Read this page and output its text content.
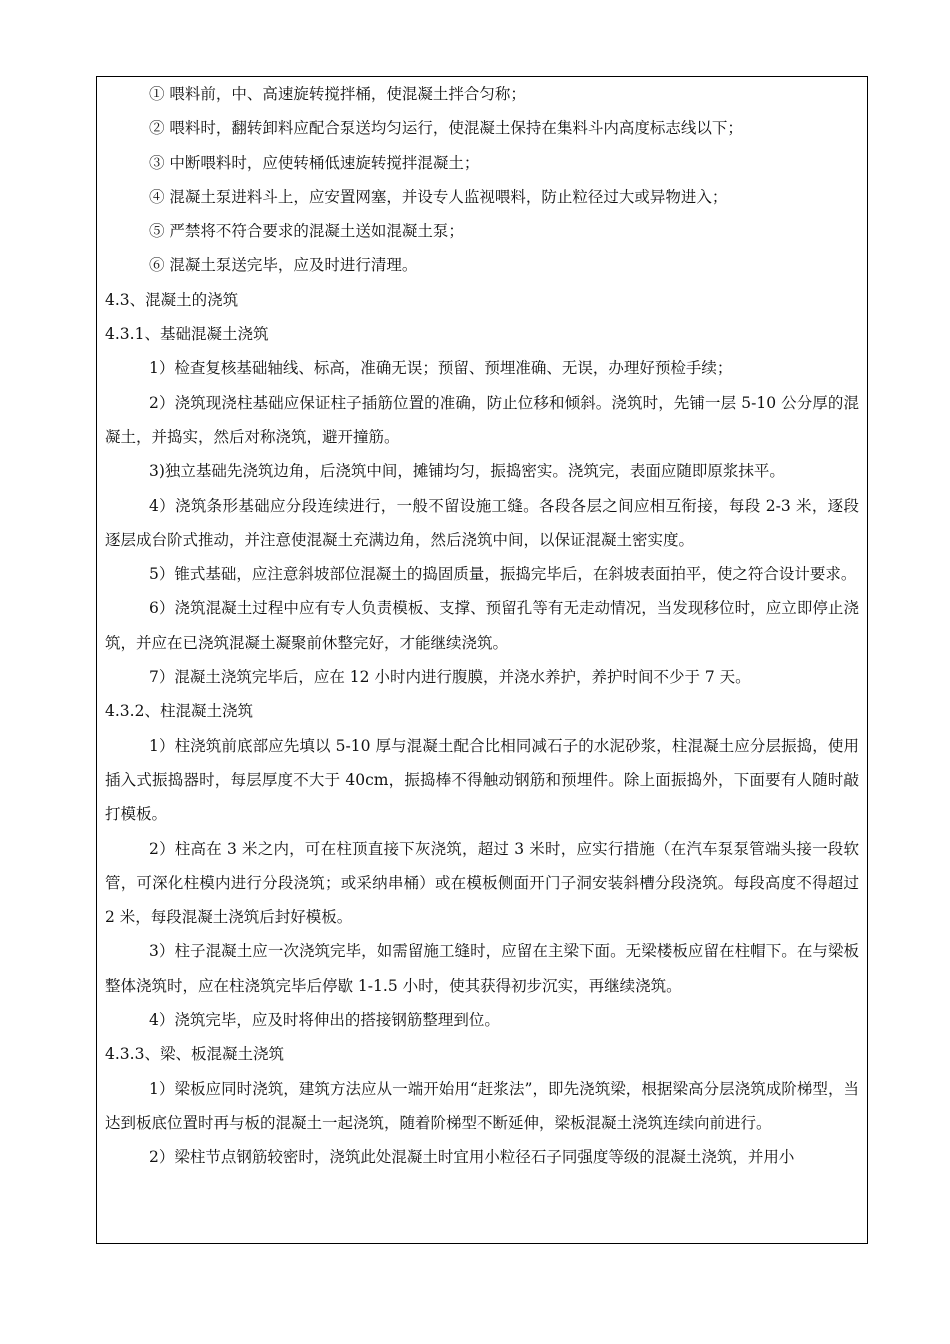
① 喂料前，中、高速旋转搅拌桶，使混凝土拌合匀称；

② 喂料时，翻转卸料应配合泵送均匀运行，使混凝土保持在集料斗内高度标志线以下；

③ 中断喂料时，应使转桶低速旋转搅拌混凝土；

④ 混凝土泵进料斗上，应安置网塞，并设专人监视喂料，防止粒径过大或异物进入；

⑤ 严禁将不符合要求的混凝土送如混凝土泵；

⑥ 混凝土泵送完毕，应及时进行清理。

4.3、混凝土的浇筑

4.3.1、基础混凝土浇筑

1）检查复核基础轴线、标高，准确无误；预留、预埋准确、无误，办理好预检手续；

2）浇筑现浇柱基础应保证柱子插筋位置的准确，防止位移和倾斜。浇筑时，先铺一层 5-10 公分厚的混凝土，并捣实，然后对称浇筑，避开撞筋。

3)独立基础先浇筑边角，后浇筑中间，摊铺均匀，振捣密实。浇筑完，表面应随即原浆抹平。

4）浇筑条形基础应分段连续进行，一般不留设施工缝。各段各层之间应相互衔接，每段 2-3 米，逐段逐层成台阶式推动，并注意使混凝土充满边角，然后浇筑中间，以保证混凝土密实度。

5）锥式基础，应注意斜坡部位混凝土的捣固质量，振捣完毕后，在斜坡表面拍平，使之符合设计要求。

6）浇筑混凝土过程中应有专人负责模板、支撑、预留孔等有无走动情况，当发现移位时，应立即停止浇筑，并应在已浇筑混凝土凝聚前休整完好，才能继续浇筑。

7）混凝土浇筑完毕后，应在 12 小时内进行腹膜，并浇水养护，养护时间不少于 7 天。

4.3.2、柱混凝土浇筑

1）柱浇筑前底部应先填以 5-10 厚与混凝土配合比相同减石子的水泥砂浆，柱混凝土应分层振捣，使用插入式振捣器时，每层厚度不大于 40cm，振捣棒不得触动钢筋和预埋件。除上面振捣外，下面要有人随时敲打模板。

2）柱高在 3 米之内，可在柱顶直接下灰浇筑，超过 3 米时，应实行措施（在汽车泵泵管端头接一段软管，可深化柱模内进行分段浇筑；或采纳串桶）或在模板侧面开门子洞安装斜槽分段浇筑。每段高度不得超过 2 米，每段混凝土浇筑后封好模板。

3）柱子混凝土应一次浇筑完毕，如需留施工缝时，应留在主梁下面。无梁楼板应留在柱帽下。在与梁板整体浇筑时，应在柱浇筑完毕后停歇 1-1.5 小时，使其获得初步沉实，再继续浇筑。

4）浇筑完毕，应及时将伸出的搭接钢筋整理到位。

4.3.3、梁、板混凝土浇筑

1）梁板应同时浇筑，建筑方法应从一端开始用“赶浆法”，即先浇筑梁，根据梁高分层浇筑成阶梯型，当达到板底位置时再与板的混凝土一起浇筑，随着阶梯型不断延伸，梁板混凝土浇筑连续向前进行。

2）梁柱节点钢筋较密时，浇筑此处混凝土时宜用小粒径石子同强度等级的混凝土浇筑，并用小
